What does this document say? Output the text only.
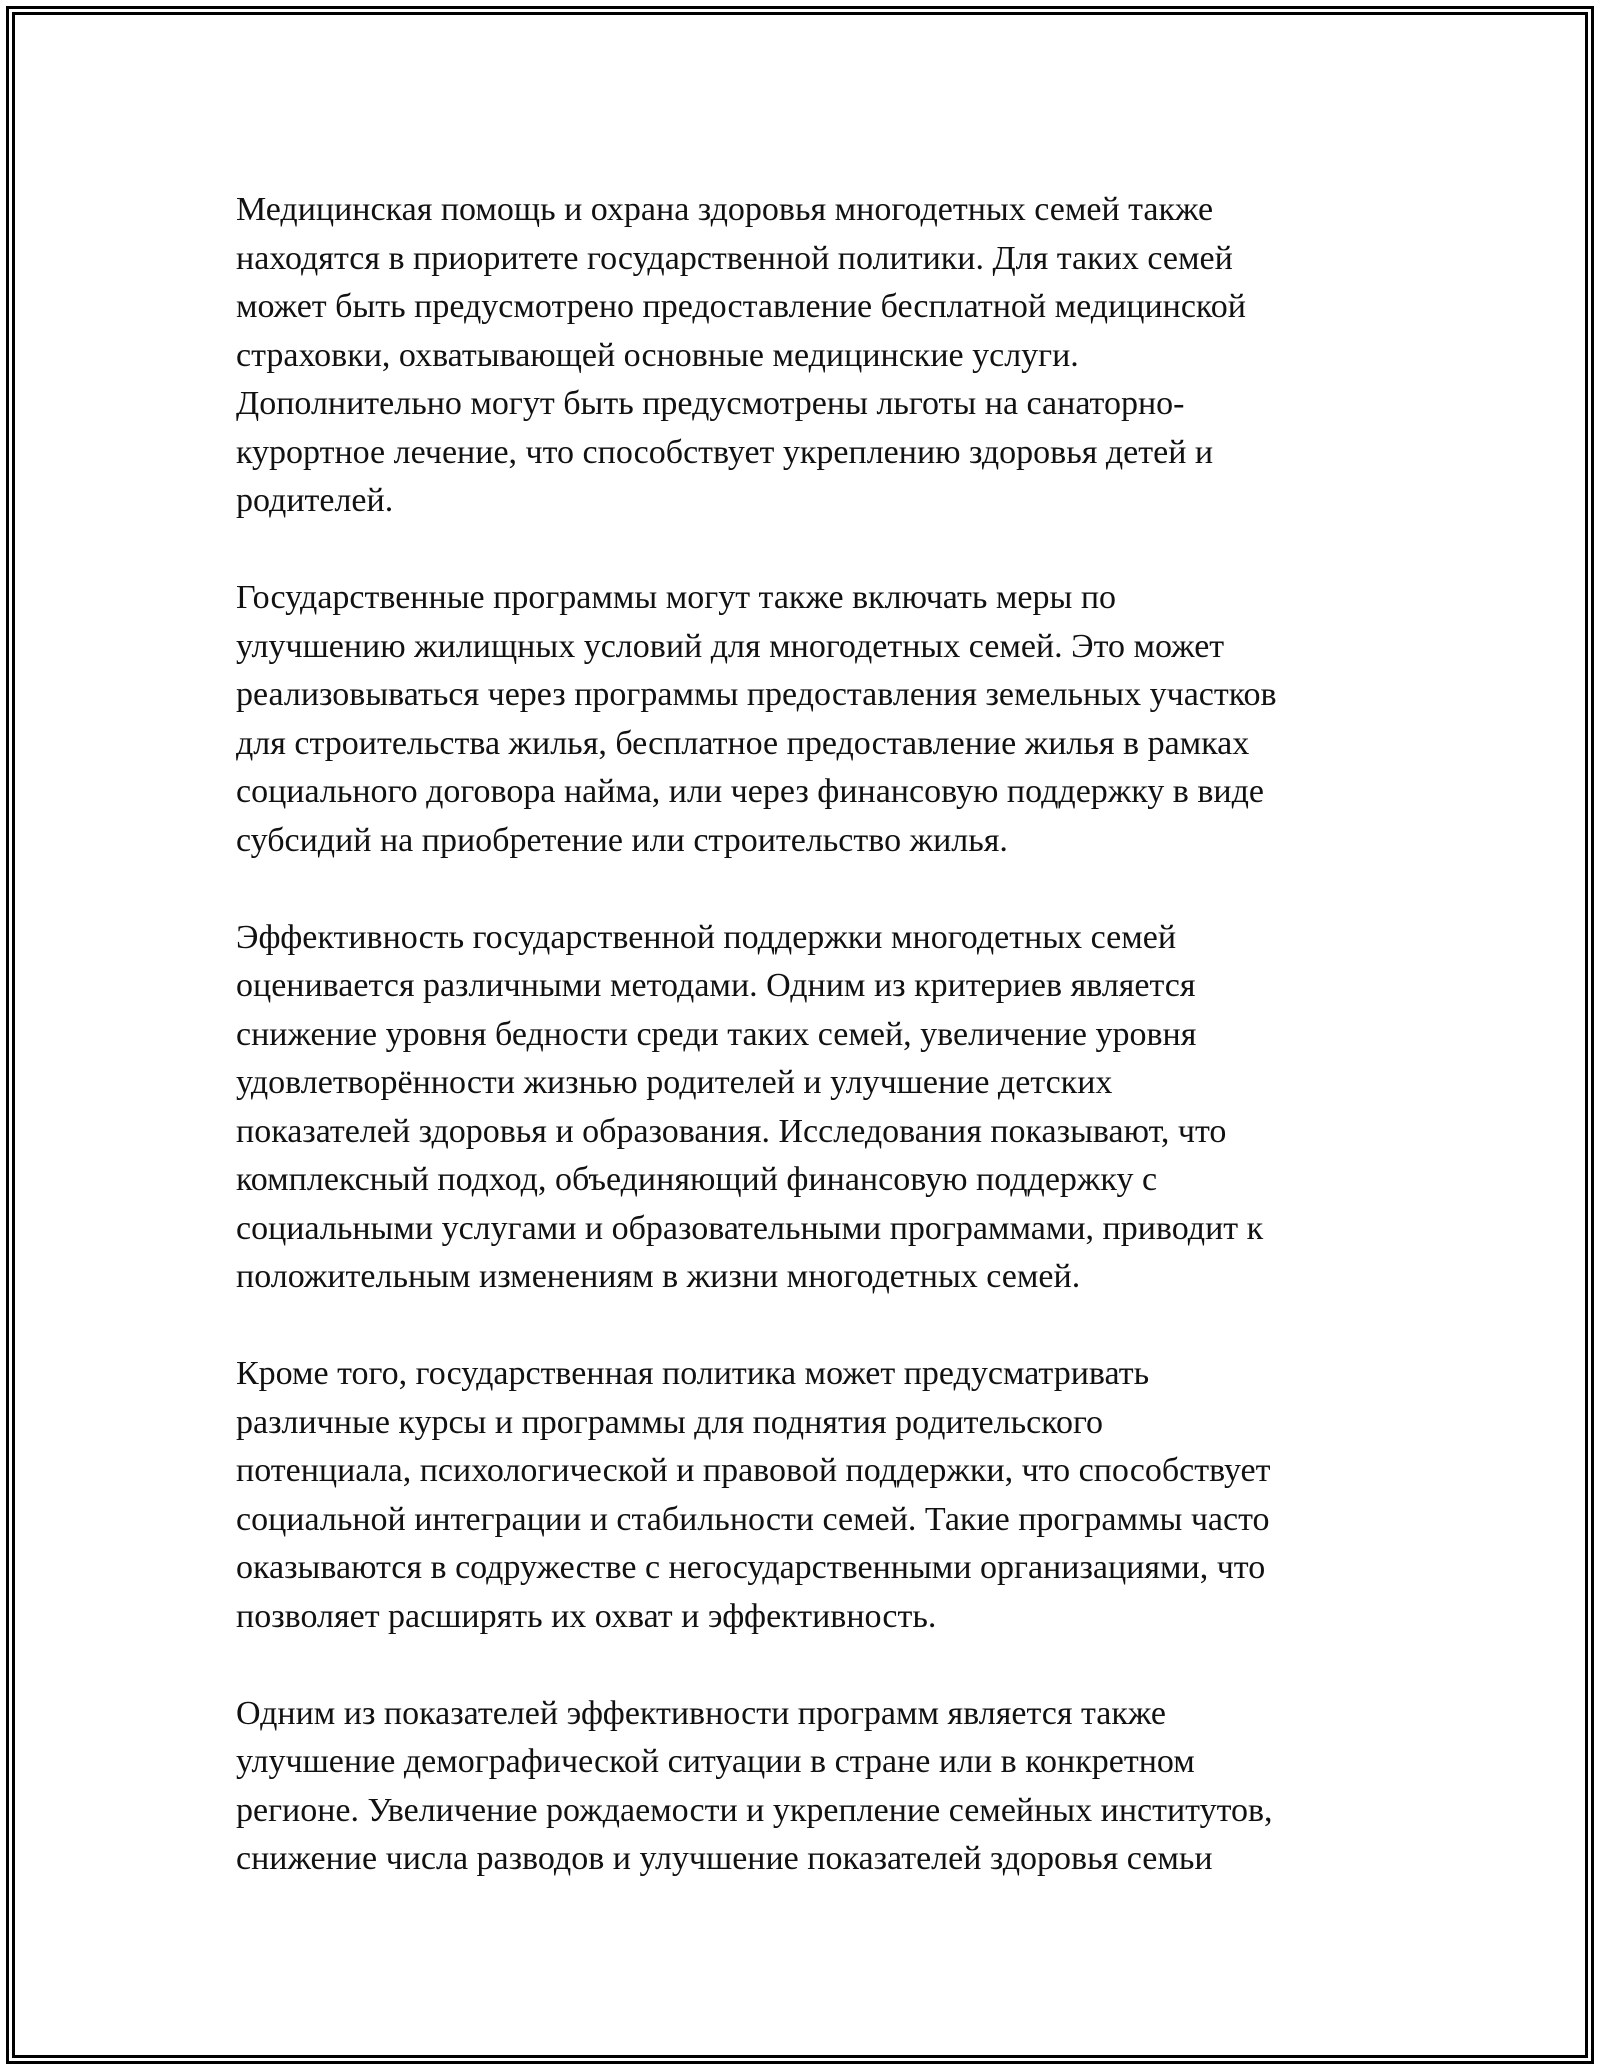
Медицинская помощь и охрана здоровья многодетных семей также
находятся в приоритете государственной политики. Для таких семей
может быть предусмотрено предоставление бесплатной медицинской
страховки, охватывающей основные медицинские услуги.
Дополнительно могут быть предусмотрены льготы на санаторно-
курортное лечение, что способствует укреплению здоровья детей и
родителей.
Государственные программы могут также включать меры по
улучшению жилищных условий для многодетных семей. Это может
реализовываться через программы предоставления земельных участков
для строительства жилья, бесплатное предоставление жилья в рамках
социального договора найма, или через финансовую поддержку в виде
субсидий на приобретение или строительство жилья.
Эффективность государственной поддержки многодетных семей
оценивается различными методами. Одним из критериев является
снижение уровня бедности среди таких семей, увеличение уровня
удовлетворённости жизнью родителей и улучшение детских
показателей здоровья и образования. Исследования показывают, что
комплексный подход, объединяющий финансовую поддержку с
социальными услугами и образовательными программами, приводит к
положительным изменениям в жизни многодетных семей.
Кроме того, государственная политика может предусматривать
различные курсы и программы для поднятия родительского
потенциала, психологической и правовой поддержки, что способствует
социальной интеграции и стабильности семей. Такие программы часто
оказываются в содружестве с негосударственными организациями, что
позволяет расширять их охват и эффективность.
Одним из показателей эффективности программ является также
улучшение демографической ситуации в стране или в конкретном
регионе. Увеличение рождаемости и укрепление семейных институтов,
снижение числа разводов и улучшение показателей здоровья семьи
